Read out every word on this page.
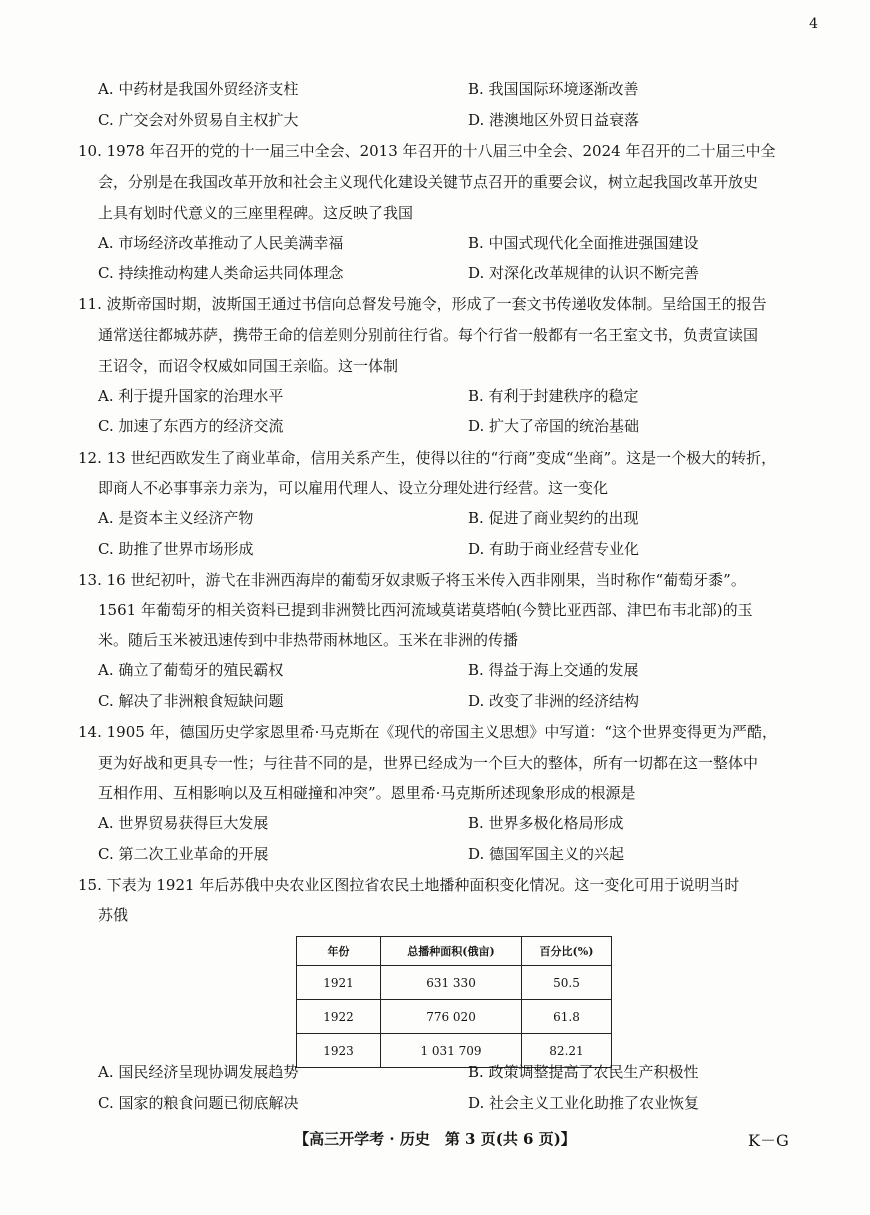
4
A. 中药材是我国外贸经济支柱	B. 我国国际环境逐渐改善
C. 广交会对外贸易自主权扩大	D. 港澳地区外贸日益衰落
10. 1978 年召开的党的十一届三中全会、2013 年召开的十八届三中全会、2024 年召开的二十届三中全
会，分别是在我国改革开放和社会主义现代化建设关键节点召开的重要会议，树立起我国改革开放史
上具有划时代意义的三座里程碑。这反映了我国
A. 市场经济改革推动了人民美满幸福	B. 中国式现代化全面推进强国建设
C. 持续推动构建人类命运共同体理念	D. 对深化改革规律的认识不断完善
11. 波斯帝国时期，波斯国王通过书信向总督发号施令，形成了一套文书传递收发体制。呈给国王的报告
通常送往都城苏萨，携带王命的信差则分别前往行省。每个行省一般都有一名王室文书，负责宣读国
王诏令，而诏令权威如同国王亲临。这一体制
A. 利于提升国家的治理水平	B. 有利于封建秩序的稳定
C. 加速了东西方的经济交流	D. 扩大了帝国的统治基础
12. 13 世纪西欧发生了商业革命，信用关系产生，使得以往的“行商”变成“坐商”。这是一个极大的转折，
即商人不必事事亲力亲为，可以雇用代理人、设立分理处进行经营。这一变化
A. 是资本主义经济产物	B. 促进了商业契约的出现
C. 助推了世界市场形成	D. 有助于商业经营专业化
13. 16 世纪初叶，游弋在非洲西海岸的葡萄牙奴隶贩子将玉米传入西非刚果，当时称作“葡萄牙黍”。
1561 年葡萄牙的相关资料已提到非洲赞比西河流域莫诺莫塔帕(今赞比亚西部、津巴布韦北部)的玉
米。随后玉米被迅速传到中非热带雨林地区。玉米在非洲的传播
A. 确立了葡萄牙的殖民霸权	B. 得益于海上交通的发展
C. 解决了非洲粮食短缺问题	D. 改变了非洲的经济结构
14. 1905 年，德国历史学家恩里希·马克斯在《现代的帝国主义思想》中写道：“这个世界变得更为严酷，
更为好战和更具专一性；与往昔不同的是，世界已经成为一个巨大的整体，所有一切都在这一整体中
互相作用、互相影响以及互相碰撞和冲突”。恩里希·马克斯所述现象形成的根源是
A. 世界贸易获得巨大发展	B. 世界多极化格局形成
C. 第二次工业革命的开展	D. 德国军国主义的兴起
15. 下表为 1921 年后苏俄中央农业区图拉省农民土地播种面积变化情况。这一变化可用于说明当时
苏俄
年份	总播种面积(俄亩)	百分比(%)
1921	631 330	50.5
1922	776 020	61.8
1923	1 031 709	82.21
A. 国民经济呈现协调发展趋势	B. 政策调整提高了农民生产积极性
C. 国家的粮食问题已彻底解决	D. 社会主义工业化助推了农业恢复
【高三开学考 · 历史　第 3 页(共 6 页)】	K－G
